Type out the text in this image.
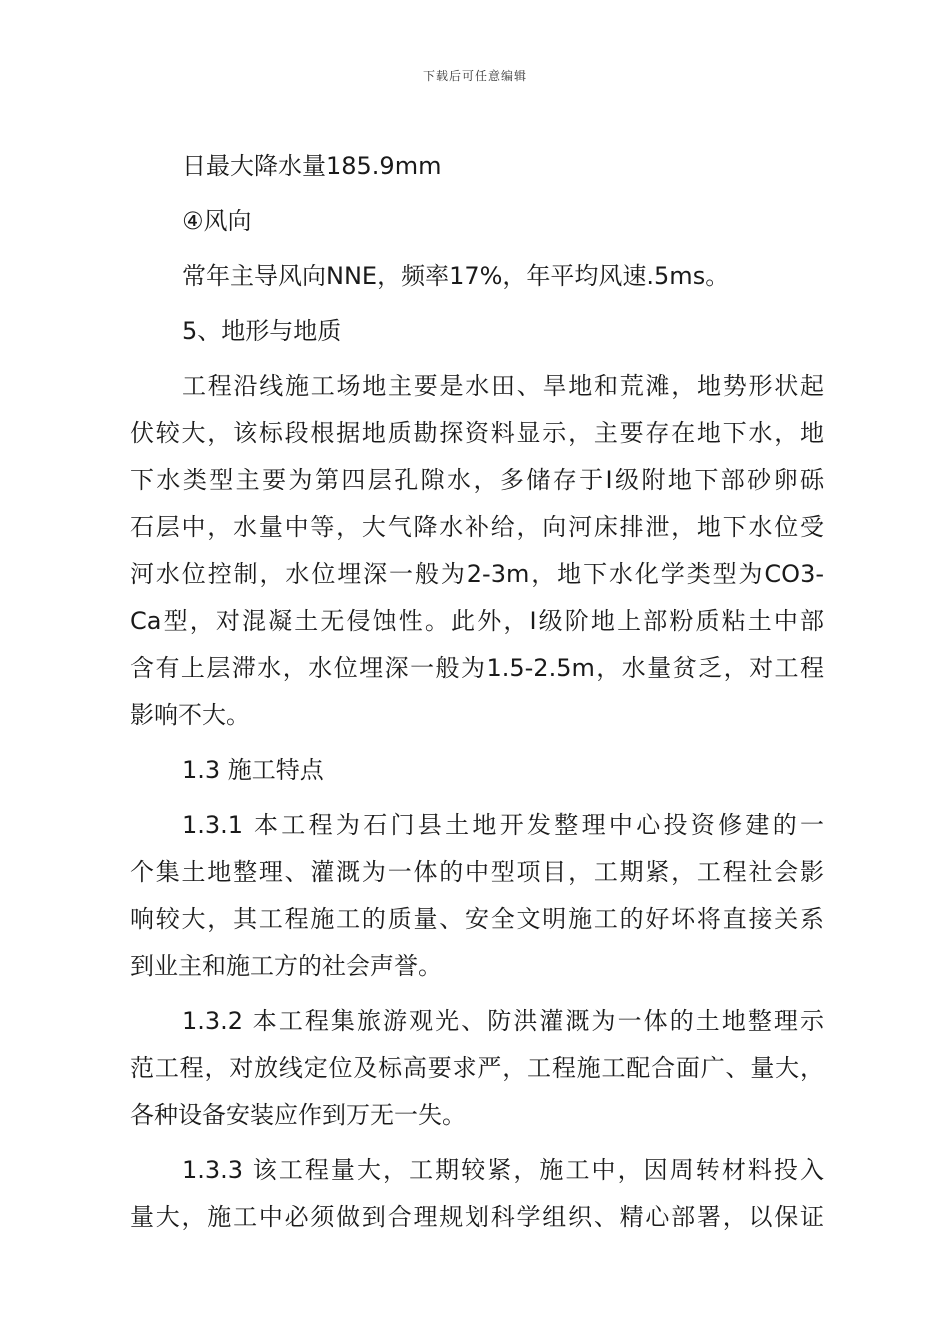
下载后可任意编辑
日最大降水量185.9mm
④风向
常年主导风向NNE，频率17%，年平均风速.5ms。
5、地形与地质
工程沿线施工场地主要是水田、旱地和荒滩，地势形状起
伏较大，该标段根据地质勘探资料显示，主要存在地下水，地
下水类型主要为第四层孔隙水，多储存于Ⅰ级附地下部砂卵砾
石层中，水量中等，大气降水补给，向河床排泄，地下水位受
河水位控制，水位埋深一般为2-3m，地下水化学类型为CO3-
Ca型，对混凝土无侵蚀性。此外，Ⅰ级阶地上部粉质粘土中部
含有上层滞水，水位埋深一般为1.5-2.5m，水量贫乏，对工程
影响不大。
1.3 施工特点
1.3.1 本工程为石门县土地开发整理中心投资修建的一
个集土地整理、灌溉为一体的中型项目，工期紧，工程社会影
响较大，其工程施工的质量、安全文明施工的好坏将直接关系
到业主和施工方的社会声誉。
1.3.2 本工程集旅游观光、防洪灌溉为一体的土地整理示
范工程，对放线定位及标高要求严，工程施工配合面广、量大，
各种设备安装应作到万无一失。
1.3.3 该工程量大，工期较紧，施工中，因周转材料投入
量大，施工中必须做到合理规划科学组织、精心部署，以保证
